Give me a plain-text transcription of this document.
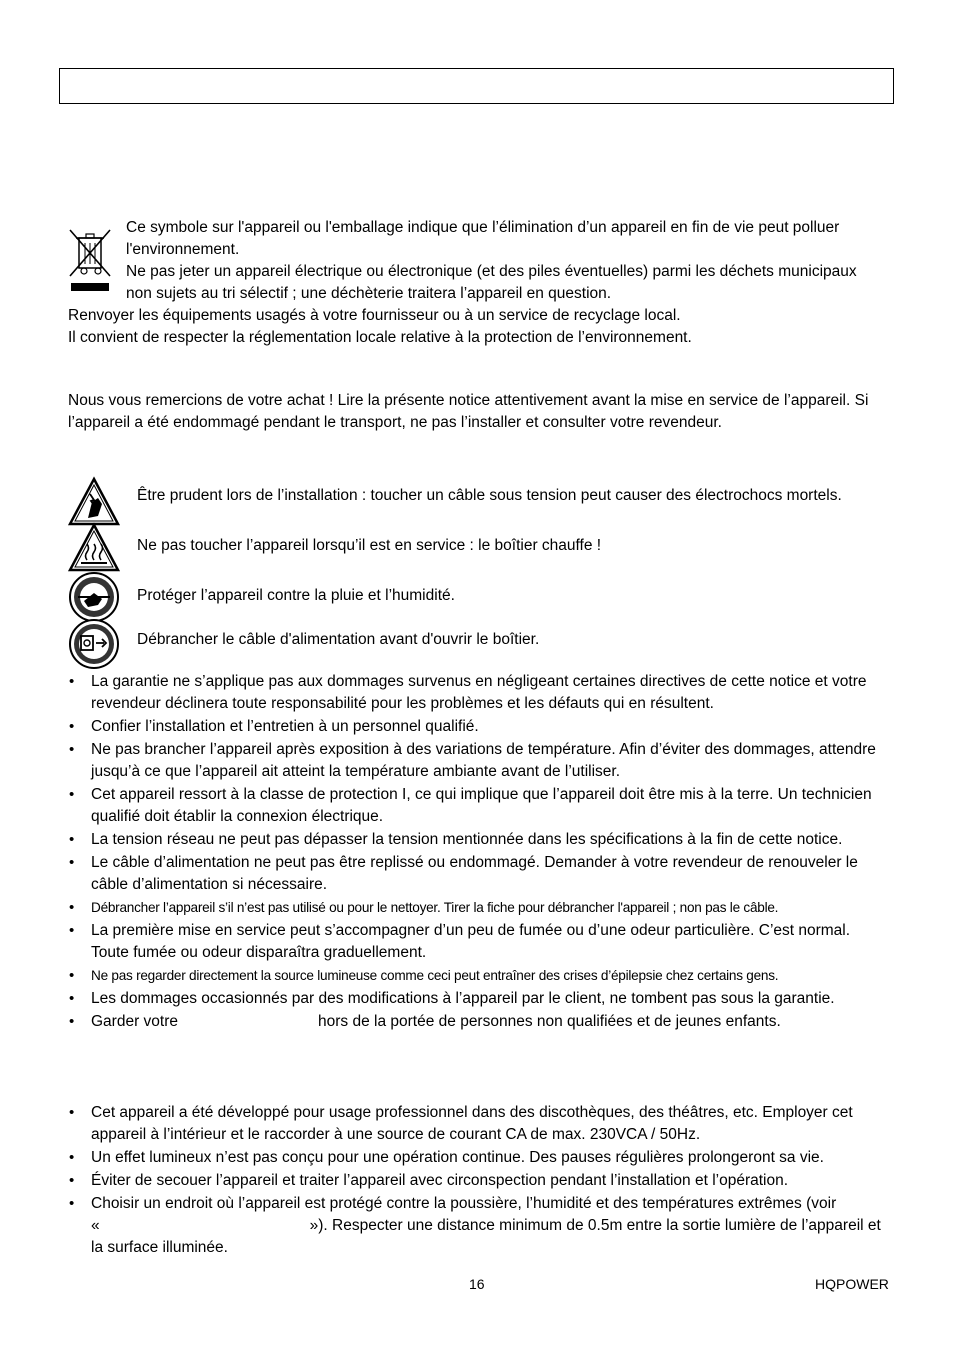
Ce symbole sur l'appareil ou l'emballage indique que l’élimination d’un appareil en fin de vie peut polluer
l'environnement.
Ne pas jeter un appareil électrique ou électronique (et des piles éventuelles) parmi les déchets municipaux
non sujets au tri sélectif ; une déchèterie traitera l’appareil en question.
Renvoyer les équipements usagés à votre fournisseur ou à un service de recyclage local.
Il convient de respecter la réglementation locale relative à la protection de l’environnement.
Nous vous remercions de votre achat ! Lire la présente notice attentivement avant la mise en service de l’appareil. Si l’appareil a été endommagé pendant le transport, ne pas l’installer et consulter votre revendeur.
Être prudent lors de l’installation : toucher un câble sous tension peut causer des électrochocs mortels.
Ne pas toucher l’appareil lorsqu’il est en service : le boîtier chauffe !
Protéger l’appareil contre la pluie et l’humidité.
Débrancher le câble d'alimentation avant d'ouvrir le boîtier.
• La garantie ne s’applique pas aux dommages survenus en négligeant certaines directives de cette notice et votre revendeur déclinera toute responsabilité pour les problèmes et les défauts qui en résultent.
• Confier l’installation et l’entretien à un personnel qualifié.
• Ne pas brancher l’appareil après exposition à des variations de température. Afin d’éviter des dommages, attendre jusqu’à ce que l’appareil ait atteint la température ambiante avant de l’utiliser.
• Cet appareil ressort à la classe de protection I, ce qui implique que l’appareil doit être mis à la terre. Un technicien qualifié doit établir la connexion électrique.
• La tension réseau ne peut pas dépasser la tension mentionnée dans les spécifications à la fin de cette notice.
• Le câble d’alimentation ne peut pas être replissé ou endommagé. Demander à votre revendeur de renouveler le câble d’alimentation si nécessaire.
• Débrancher l’appareil s’il n’est pas utilisé ou pour le nettoyer. Tirer la fiche pour débrancher l'appareil ; non pas le câble.
• La première mise en service peut s’accompagner d’un peu de fumée ou d’une odeur particulière. C’est normal. Toute fumée ou odeur disparaîtra graduellement.
• Ne pas regarder directement la source lumineuse comme ceci peut entraîner des crises d’épilepsie chez certains gens.
• Les dommages occasionnés par des modifications à l’appareil par le client, ne tombent pas sous la garantie.
• Garder votre	hors de la portée de personnes non qualifiées et de jeunes enfants.
• Cet appareil a été développé pour usage professionnel dans des discothèques, des théâtres, etc. Employer cet appareil à l’intérieur et le raccorder à une source de courant CA de max. 230VCA / 50Hz.
• Un effet lumineux n’est pas conçu pour une opération continue. Des pauses régulières prolongeront sa vie.
• Éviter de secouer l’appareil et traiter l’appareil avec circonspection pendant l’installation et l’opération.
• Choisir un endroit où l’appareil est protégé contre la poussière, l’humidité et des températures extrêmes (voir
«	»). Respecter une distance minimum de 0.5m entre la sortie lumière de l’appareil et
la surface illuminée.
16	HQPOWER
